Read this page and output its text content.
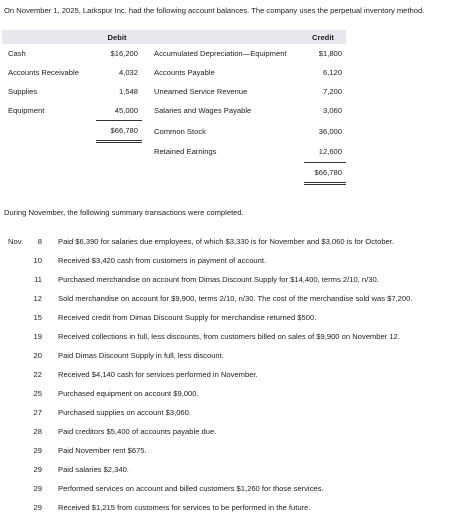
On November 1, 2025, Larkspur Inc. had the following account balances. The company uses the perpetual inventory method.
	Debit			Credit
Cash	$16,200		Accumulated Depreciation—Equipment	$1,800
Accounts Receivable	4,032		Accounts Payable	6,120
Supplies	1,548		Unearned Service Revenue	7,200
Equipment	45,000		Salaries and Wages Payable	3,060
	$66,780		Common Stock	36,000
			Retained Earnings	12,600
				$66,780
During November, the following summary transactions were completed.
Nov.	8 Paid $6,390 for salaries due employees, of which $3,330 is for November and $3,060 is for October.
10 Received $3,420 cash from customers in payment of account.
11 Purchased merchandise on account from Dimas Discount Supply for $14,400, terms 2/10, n/30.
12 Sold merchandise on account for $9,900, terms 2/10, n/30. The cost of the merchandise sold was $7,200.
15 Received credit from Dimas Discount Supply for merchandise returned $500.
19 Received collections in full, less discounts, from customers billed on sales of $9,900 on November 12.
20 Paid Dimas Discount Supply in full, less discount.
22 Received $4,140 cash for services performed in November.
25 Purchased equipment on account $9,000.
27 Purchased supplies on account $3,060.
28 Paid creditors $5,400 of accounts payable due.
29 Paid November rent $675.
29 Paid salaries $2,340.
29 Performed services on account and billed customers $1,260 for those services.
29 Received $1,215 from customers for services to be performed in the future.
